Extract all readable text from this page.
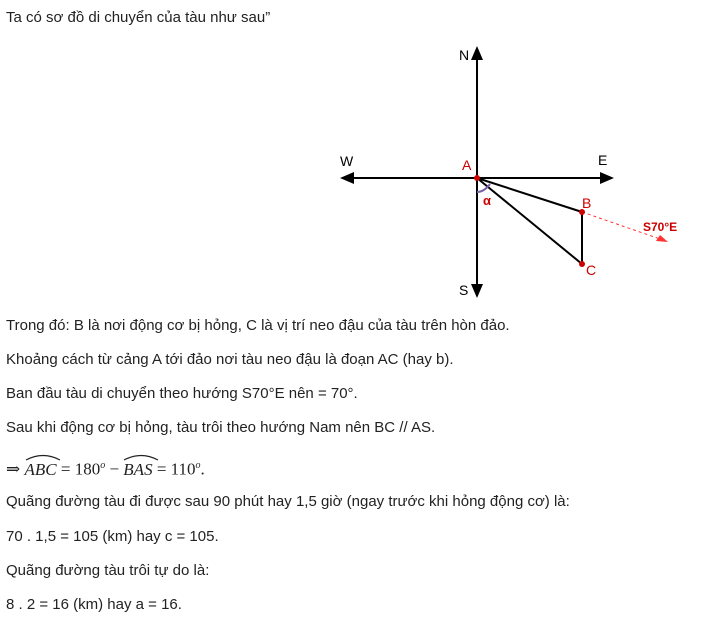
Ta có sơ đồ di chuyển của tàu như sau”
N
S
W	E
A
B
C
α
S70°E
Trong đó: B là nơi động cơ bị hỏng, C là vị trí neo đậu của tàu trên hòn đảo.
Khoảng cách từ cảng A tới đảo nơi tàu neo đậu là đoạn AC (hay b).
Ban đầu tàu di chuyển theo hướng S70°E nên = 70°.
Sau khi động cơ bị hỏng, tàu trôi theo hướng Nam nên BC // AS.
⇒ ABC = $180^o$ −
BAS = $110^o$.
Quãng đường tàu đi được sau 90 phút hay 1,5 giờ (ngay trước khi hỏng động cơ) là:
70 . 1,5 = 105 (km) hay c = 105.
Quãng đường tàu trôi tự do là:
8 . 2 = 16 (km) hay a = 16.
